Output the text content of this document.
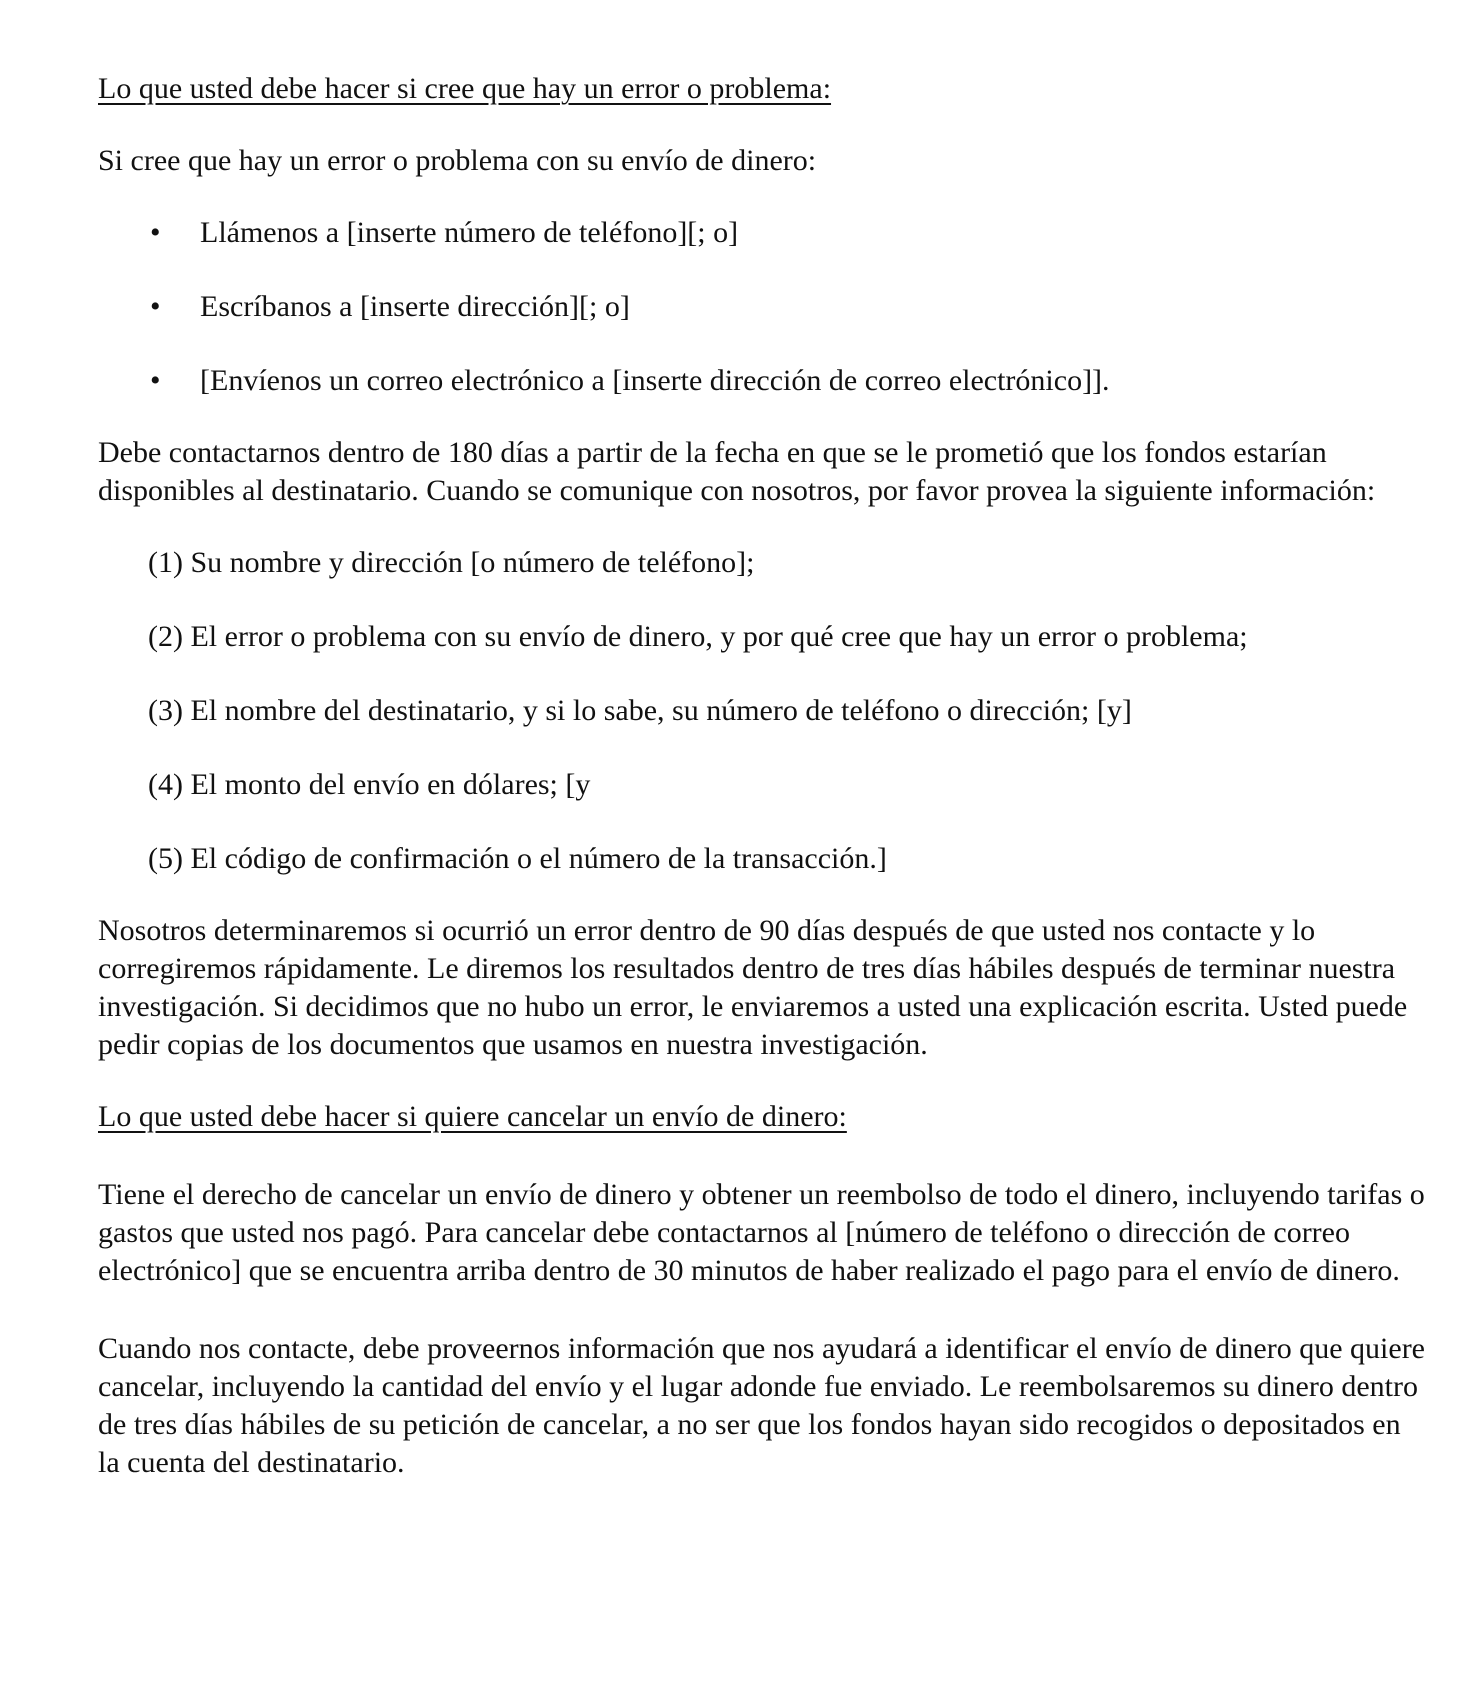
Lo que usted debe hacer si cree que hay un error o problema:

Si cree que hay un error o problema con su envío de dinero:

• Llámenos a [inserte número de teléfono][; o]
• Escríbanos a [inserte dirección][; o]
• [Envíenos un correo electrónico a [inserte dirección de correo electrónico]].

Debe contactarnos dentro de 180 días a partir de la fecha en que se le prometió que los fondos estarían disponibles al destinatario. Cuando se comunique con nosotros, por favor provea la siguiente información:

(1) Su nombre y dirección [o número de teléfono];
(2) El error o problema con su envío de dinero, y por qué cree que hay un error o problema;
(3) El nombre del destinatario, y si lo sabe, su número de teléfono o dirección; [y]
(4) El monto del envío en dólares; [y
(5) El código de confirmación o el número de la transacción.]

Nosotros determinaremos si ocurrió un error dentro de 90 días después de que usted nos contacte y lo corregiremos rápidamente. Le diremos los resultados dentro de tres días hábiles después de terminar nuestra investigación. Si decidimos que no hubo un error, le enviaremos a usted una explicación escrita. Usted puede pedir copias de los documentos que usamos en nuestra investigación.

Lo que usted debe hacer si quiere cancelar un envío de dinero:

Tiene el derecho de cancelar un envío de dinero y obtener un reembolso de todo el dinero, incluyendo tarifas o gastos que usted nos pagó. Para cancelar debe contactarnos al [número de teléfono o dirección de correo electrónico] que se encuentra arriba dentro de 30 minutos de haber realizado el pago para el envío de dinero.

Cuando nos contacte, debe proveernos información que nos ayudará a identificar el envío de dinero que quiere cancelar, incluyendo la cantidad del envío y el lugar adonde fue enviado. Le reembolsaremos su dinero dentro de tres días hábiles de su petición de cancelar, a no ser que los fondos hayan sido recogidos o depositados en la cuenta del destinatario.
